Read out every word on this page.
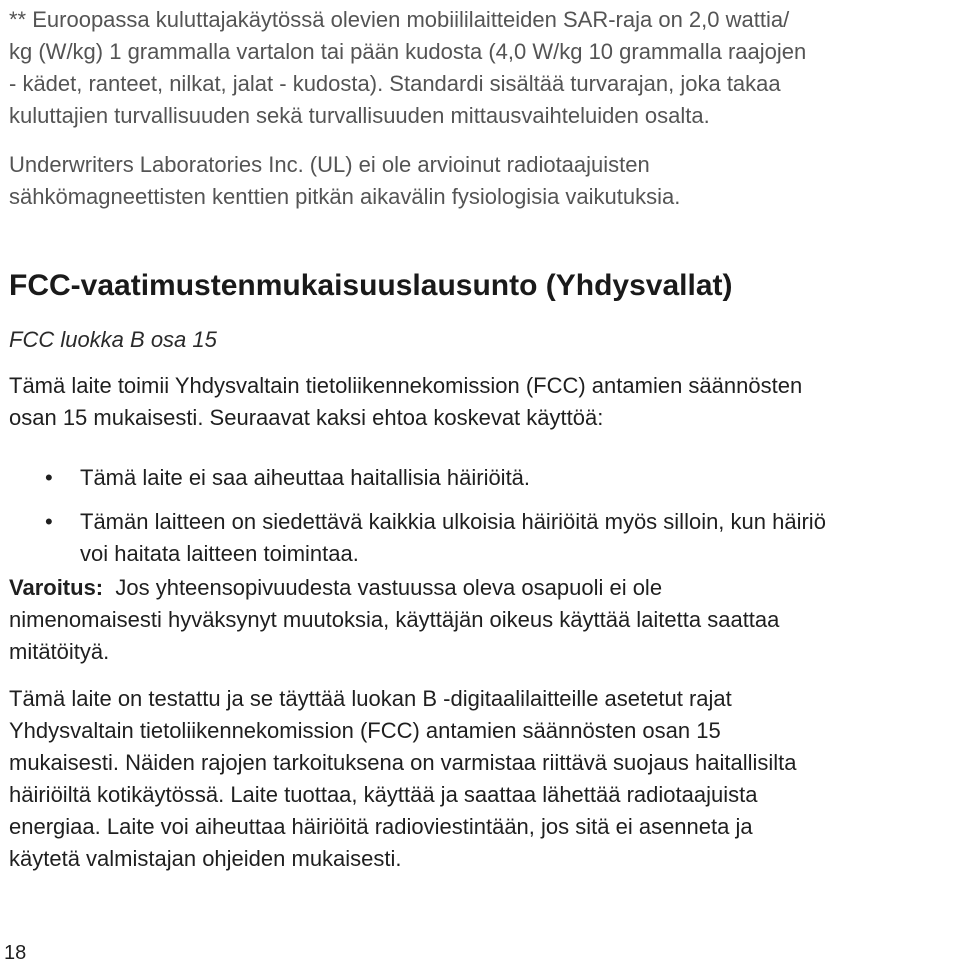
** Euroopassa kuluttajakäytössä olevien mobiililaitteiden SAR-raja on 2,0 wattia/

kg (W/kg) 1 grammalla vartalon tai pään kudosta (4,0 W/kg 10 grammalla raajojen

- kädet, ranteet, nilkat, jalat - kudosta). Standardi sisältää turvarajan, joka takaa

kuluttajien turvallisuuden sekä turvallisuuden mittausvaihteluiden osalta.

Underwriters Laboratories Inc. (UL) ei ole arvioinut radiotaajuisten

sähkömagneettisten kenttien pitkän aikavälin fysiologisia vaikutuksia.

FCC-vaatimustenmukaisuuslausunto (Yhdysvallat)
FCC luokka B osa 15

Tämä laite toimii Yhdysvaltain tietoliikennekomission (FCC) antamien säännösten

osan 15 mukaisesti. Seuraavat kaksi ehtoa koskevat käyttöä:

• Tämä laite ei saa aiheuttaa haitallisia häiriöitä.
• Tämän laitteen on siedettävä kaikkia ulkoisia häiriöitä myös silloin, kun häiriö
voi haitata laitteen toimintaa.

Varoitus:  Jos yhteensopivuudesta vastuussa oleva osapuoli ei ole

nimenomaisesti hyväksynyt muutoksia, käyttäjän oikeus käyttää laitetta saattaa

mitätöityä.

Tämä laite on testattu ja se täyttää luokan B -digitaalilaitteille asetetut rajat

Yhdysvaltain tietoliikennekomission (FCC) antamien säännösten osan 15

mukaisesti. Näiden rajojen tarkoituksena on varmistaa riittävä suojaus haitallisilta

häiriöiltä kotikäytössä. Laite tuottaa, käyttää ja saattaa lähettää radiotaajuista

energiaa. Laite voi aiheuttaa häiriöitä radioviestintään, jos sitä ei asenneta ja

käytetä valmistajan ohjeiden mukaisesti.

18
